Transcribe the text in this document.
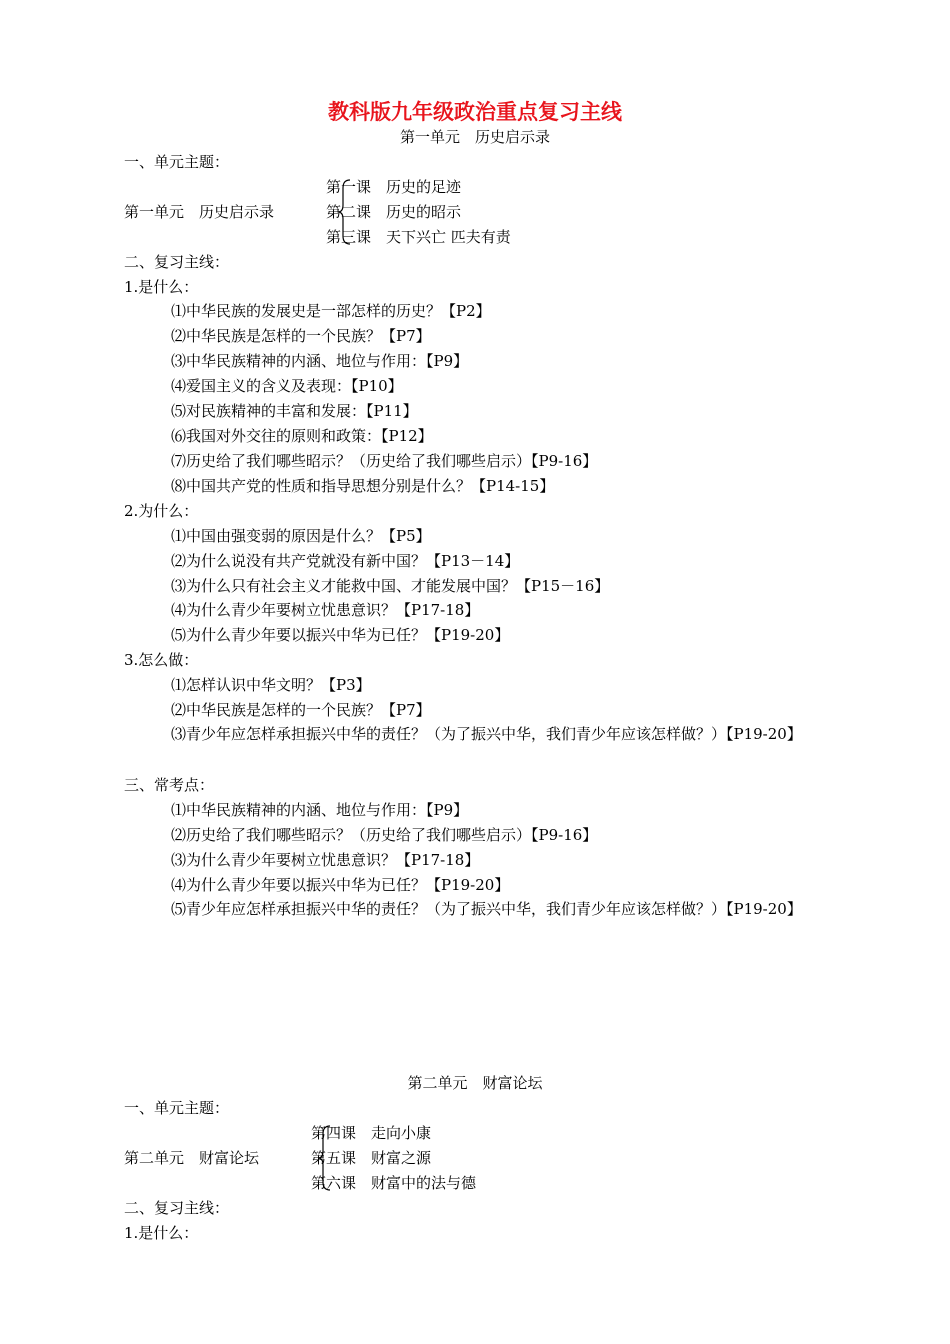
教科版九年级政治重点复习主线
第一单元　历史启示录
一、单元主题：
第一单元　历史启示录
第一课　历史的足迹
第二课　历史的昭示
第三课　天下兴亡 匹夫有责
二、复习主线：
1.是什么：
⑴中华民族的发展史是一部怎样的历史？【P2】
⑵中华民族是怎样的一个民族？【P7】
⑶中华民族精神的内涵、地位与作用：【P9】
⑷爱国主义的含义及表现：【P10】
⑸对民族精神的丰富和发展：【P11】
⑹我国对外交往的原则和政策：【P12】
⑺历史给了我们哪些昭示？（历史给了我们哪些启示）【P9-16】
⑻中国共产党的性质和指导思想分别是什么？【P14-15】
2.为什么：
⑴中国由强变弱的原因是什么？【P5】
⑵为什么说没有共产党就没有新中国？【P13－14】
⑶为什么只有社会主义才能救中国、才能发展中国？【P15－16】
⑷为什么青少年要树立忧患意识？【P17-18】
⑸为什么青少年要以振兴中华为已任？【P19-20】
3.怎么做：
⑴怎样认识中华文明？【P3】
⑵中华民族是怎样的一个民族？【P7】
⑶青少年应怎样承担振兴中华的责任？（为了振兴中华，我们青少年应该怎样做？）【P19-20】
三、常考点：
⑴中华民族精神的内涵、地位与作用：【P9】
⑵历史给了我们哪些昭示？（历史给了我们哪些启示）【P9-16】
⑶为什么青少年要树立忧患意识？【P17-18】
⑷为什么青少年要以振兴中华为已任？【P19-20】
⑸青少年应怎样承担振兴中华的责任？（为了振兴中华，我们青少年应该怎样做？）【P19-20】
第二单元　财富论坛
一、单元主题：
第二单元　财富论坛
第四课　走向小康
第五课　财富之源
第六课　财富中的法与德
二、复习主线：
1.是什么：
